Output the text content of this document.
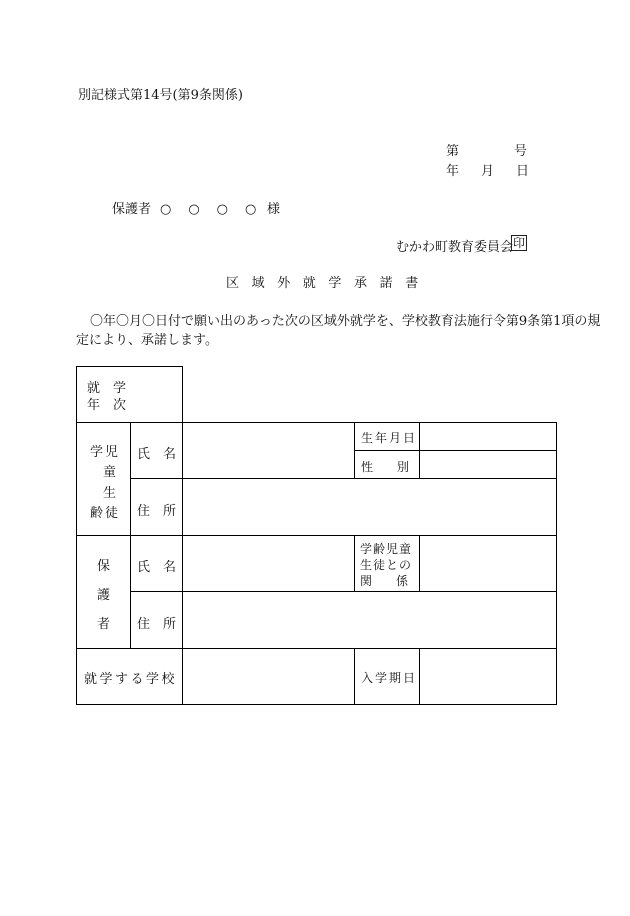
別記様式第14号(第9条関係)
第	号
年 月 日
保護者 ○　○　○　○ 様
むかわ町教育委員会 印
区域外就学承諾書
〇年〇月〇日付で願い出のあった次の区域外就学を、学校教育法施行令第9条第1項の規
定により、承諾します。
就　学
年　次
学児
童
生
齢徒
氏　名
住　所
生年月日
性　　別
保
護
者
氏　名
住　所
学齢児童
生徒との
関　　係
就学する学校	入学期日
